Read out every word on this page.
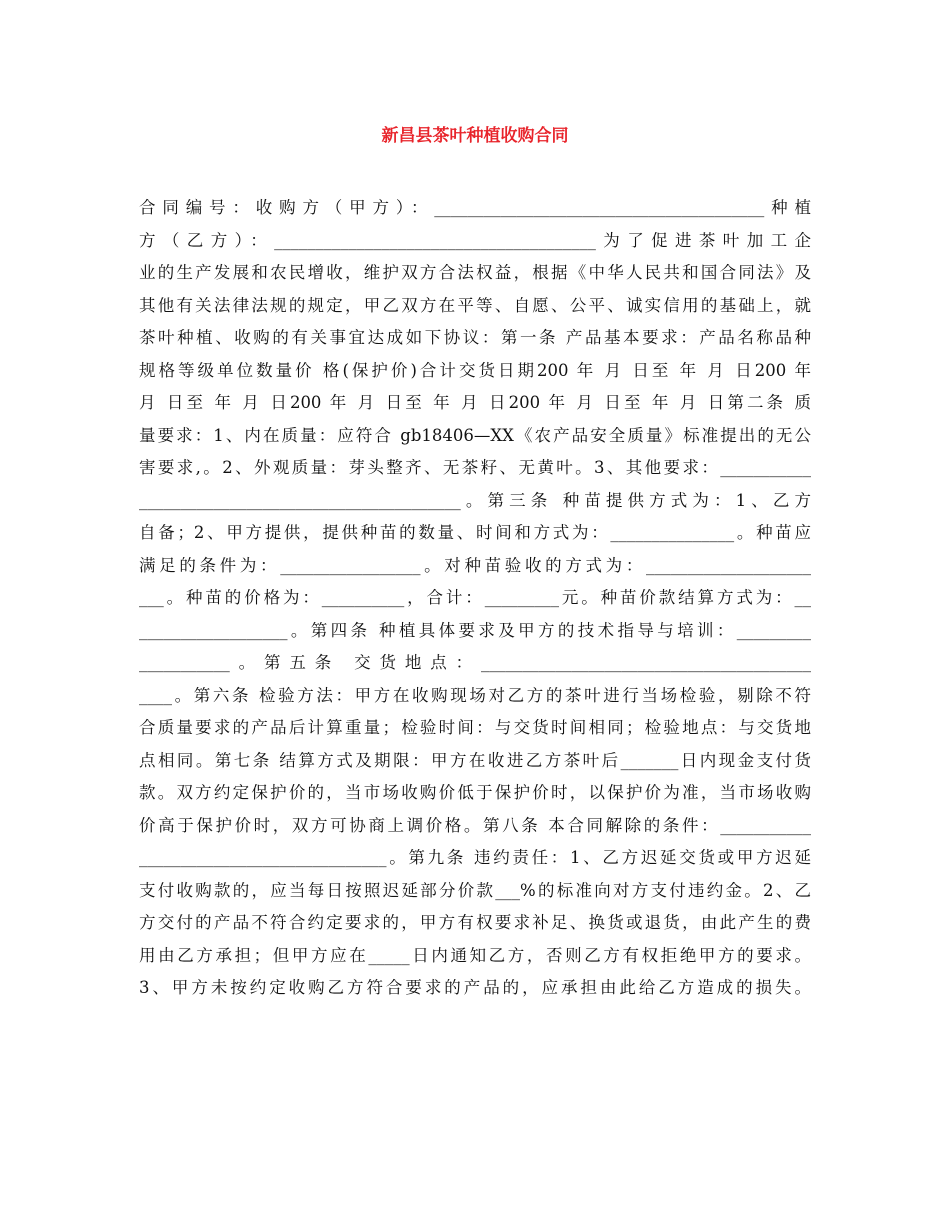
新昌县茶叶种植收购合同
合同编号：收购方（甲方）：________________________________________种植
方（乙方）：_______________________________________为了促进茶叶加工企
业的生产发展和农民增收，维护双方合法权益，根据《中华人民共和国合同法》及
其他有关法律法规的规定，甲乙双方在平等、自愿、公平、诚实信用的基础上，就
茶叶种植、收购的有关事宜达成如下协议：第一条 产品基本要求：产品名称品种
规格等级单位数量价 格(保护价)合计交货日期200 年 月 日至 年 月 日200 年
月 日至 年 月 日200 年 月 日至 年 月 日200 年 月 日至 年 月 日第二条 质
量要求：1、内在质量：应符合 gb18406—XX《农产品安全质量》标准提出的无公
害要求,。2、外观质量：芽头整齐、无茶籽、无黄叶。3、其他要求：___________
_______________________________________。第三条 种苗提供方式为：1、乙方
自备；2、甲方提供，提供种苗的数量、时间和方式为：_______________。种苗应
满足的条件为：_________________。对种苗验收的方式为：____________________
___。种苗的价格为：__________，合计：_________元。种苗价款结算方式为：__
__________________。第四条 种植具体要求及甲方的技术指导与培训：_________
___________。第五条 交货地点：________________________________________
____。第六条 检验方法：甲方在收购现场对乙方的茶叶进行当场检验，剔除不符
合质量要求的产品后计算重量；检验时间：与交货时间相同；检验地点：与交货地
点相同。第七条 结算方式及期限：甲方在收进乙方茶叶后_______日内现金支付货
款。双方约定保护价的，当市场收购价低于保护价时，以保护价为准，当市场收购
价高于保护价时，双方可协商上调价格。第八条 本合同解除的条件：___________
______________________________。第九条 违约责任：1、乙方迟延交货或甲方迟延
支付收购款的，应当每日按照迟延部分价款___%的标准向对方支付违约金。2、乙
方交付的产品不符合约定要求的，甲方有权要求补足、换货或退货，由此产生的费
用由乙方承担；但甲方应在_____日内通知乙方，否则乙方有权拒绝甲方的要求。
3、甲方未按约定收购乙方符合要求的产品的，应承担由此给乙方造成的损失。
